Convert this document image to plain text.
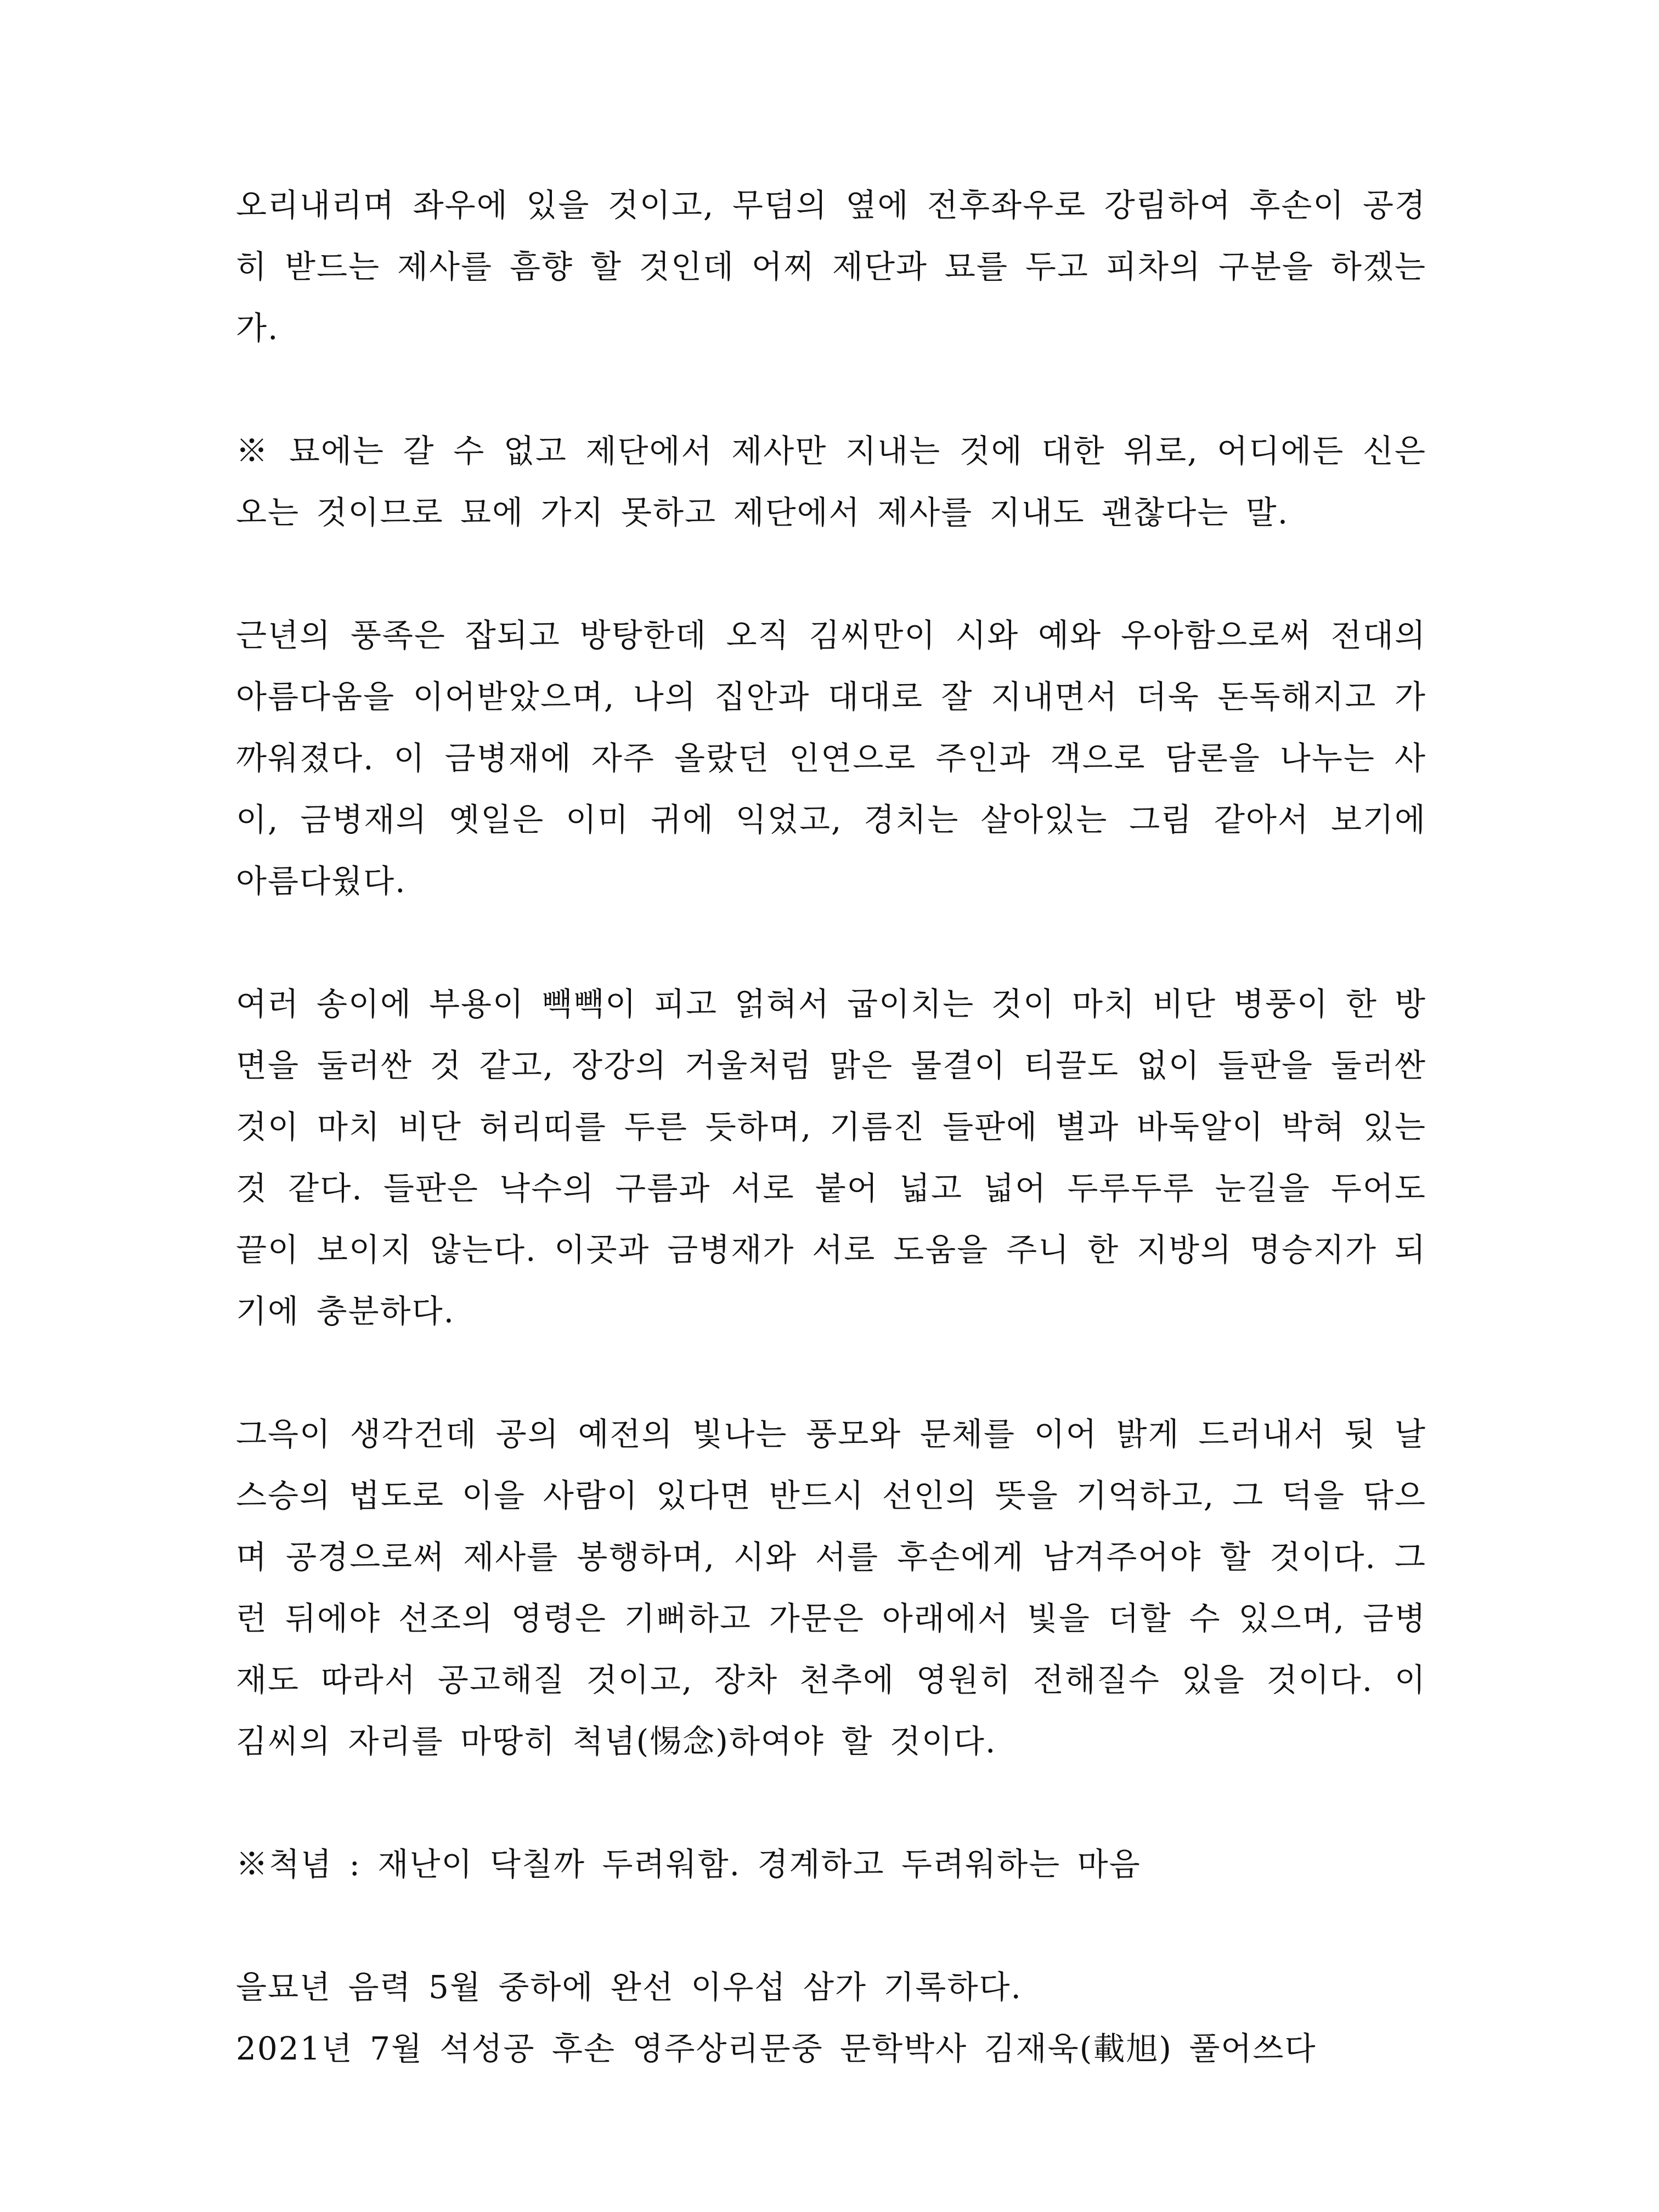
오리내리며 좌우에 있을 것이고, 무덤의 옆에 전후좌우로 강림하여 후손이 공경히 받드는 제사를 흠향 할 것인데 어찌 제단과 묘를 두고 피차의 구분을 하겠는가.

※ 묘에는 갈 수 없고 제단에서 제사만 지내는 것에 대한 위로, 어디에든 신은 오는 것이므로 묘에 가지 못하고 제단에서 제사를 지내도 괜찮다는 말.

근년의 풍족은 잡되고 방탕한데 오직 김씨만이 시와 예와 우아함으로써 전대의 아름다움을 이어받았으며, 나의 집안과 대대로 잘 지내면서 더욱 돈독해지고 가까워졌다. 이 금병재에 자주 올랐던 인연으로 주인과 객으로 담론을 나누는 사이, 금병재의 옛일은 이미 귀에 익었고, 경치는 살아있는 그림 같아서 보기에 아름다웠다.

여러 송이에 부용이 빽빽이 피고 얽혀서 굽이치는 것이 마치 비단 병풍이 한 방면을 둘러싼 것 같고, 장강의 거울처럼 맑은 물결이 티끌도 없이 들판을 둘러싼 것이 마치 비단 허리띠를 두른 듯하며, 기름진 들판에 별과 바둑알이 박혀 있는 것 같다. 들판은 낙수의 구름과 서로 붙어 넓고 넓어 두루두루 눈길을 두어도 끝이 보이지 않는다. 이곳과 금병재가 서로 도움을 주니 한 지방의 명승지가 되기에 충분하다.

그윽이 생각건데 공의 예전의 빛나는 풍모와 문체를 이어 밝게 드러내서 뒷 날 스승의 법도로 이을 사람이 있다면 반드시 선인의 뜻을 기억하고, 그 덕을 닦으며 공경으로써 제사를 봉행하며, 시와 서를 후손에게 남겨주어야 할 것이다. 그런 뒤에야 선조의 영령은 기뻐하고 가문은 아래에서 빛을 더할 수 있으며, 금병재도 따라서 공고해질 것이고, 장차 천추에 영원히 전해질수 있을 것이다. 이 김씨의 자리를 마땅히 척념(惕念)하여야 할 것이다.

※척념 : 재난이 닥칠까 두려워함. 경계하고 두려워하는 마음

을묘년 음력 5월 중하에 완선 이우섭 삼가 기록하다.
2021년 7월 석성공 후손 영주상리문중 문학박사 김재욱(載旭) 풀어쓰다
